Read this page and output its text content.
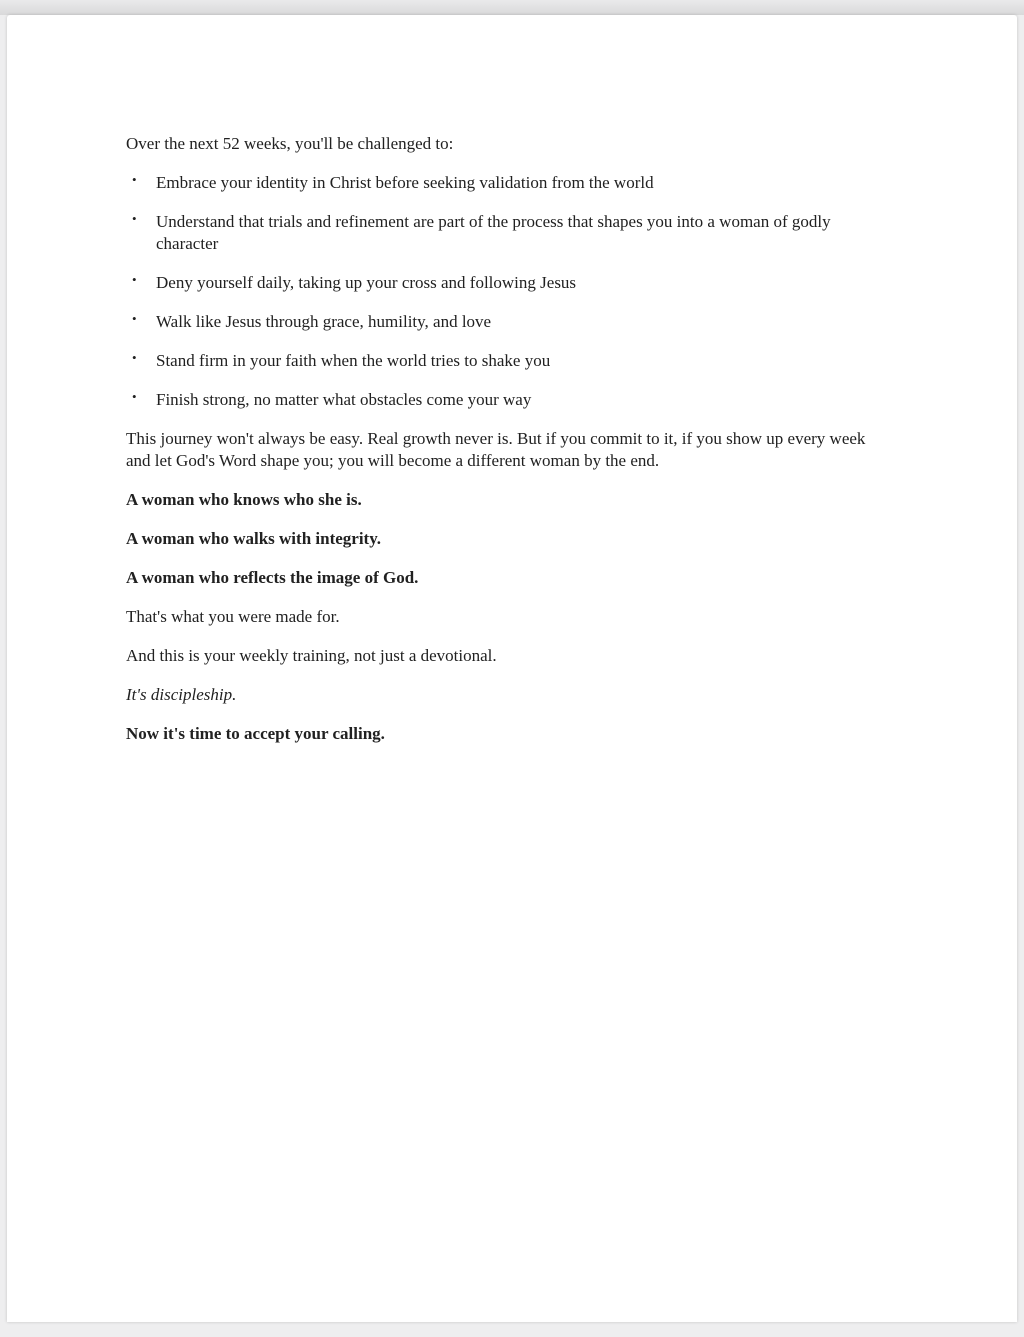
Over the next 52 weeks, you'll be challenged to:

•	Embrace your identity in Christ before seeking validation from the world
•	Understand that trials and refinement are part of the process that shapes you into a woman of godly character
•	Deny yourself daily, taking up your cross and following Jesus
•	Walk like Jesus through grace, humility, and love
•	Stand firm in your faith when the world tries to shake you
•	Finish strong, no matter what obstacles come your way

This journey won't always be easy. Real growth never is. But if you commit to it, if you show up every week and let God's Word shape you; you will become a different woman by the end.

A woman who knows who she is.

A woman who walks with integrity.

A woman who reflects the image of God.

That's what you were made for.

And this is your weekly training, not just a devotional.

It's discipleship.

Now it's time to accept your calling.
